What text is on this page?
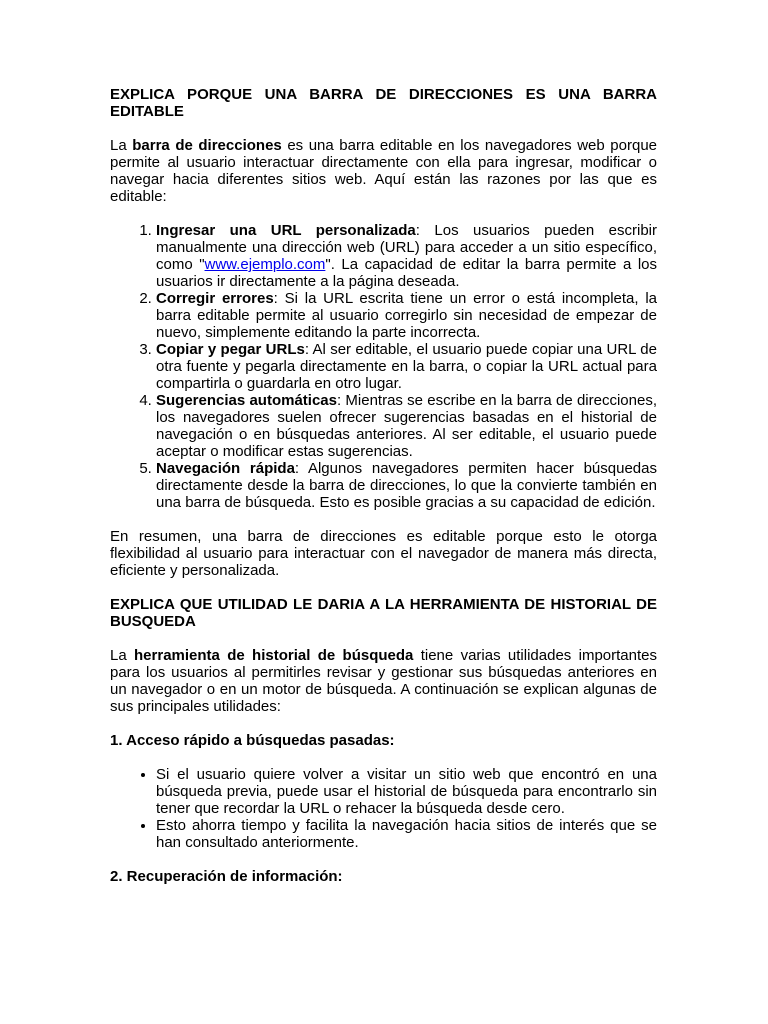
EXPLICA PORQUE UNA BARRA DE DIRECCIONES ES UNA BARRA EDITABLE

La barra de direcciones es una barra editable en los navegadores web porque permite al usuario interactuar directamente con ella para ingresar, modificar o navegar hacia diferentes sitios web. Aquí están las razones por las que es editable:

1. Ingresar una URL personalizada: Los usuarios pueden escribir manualmente una dirección web (URL) para acceder a un sitio específico, como "www.ejemplo.com". La capacidad de editar la barra permite a los usuarios ir directamente a la página deseada.
2. Corregir errores: Si la URL escrita tiene un error o está incompleta, la barra editable permite al usuario corregirlo sin necesidad de empezar de nuevo, simplemente editando la parte incorrecta.
3. Copiar y pegar URLs: Al ser editable, el usuario puede copiar una URL de otra fuente y pegarla directamente en la barra, o copiar la URL actual para compartirla o guardarla en otro lugar.
4. Sugerencias automáticas: Mientras se escribe en la barra de direcciones, los navegadores suelen ofrecer sugerencias basadas en el historial de navegación o en búsquedas anteriores. Al ser editable, el usuario puede aceptar o modificar estas sugerencias.
5. Navegación rápida: Algunos navegadores permiten hacer búsquedas directamente desde la barra de direcciones, lo que la convierte también en una barra de búsqueda. Esto es posible gracias a su capacidad de edición.

En resumen, una barra de direcciones es editable porque esto le otorga flexibilidad al usuario para interactuar con el navegador de manera más directa, eficiente y personalizada.

EXPLICA QUE UTILIDAD LE DARIA A LA HERRAMIENTA DE HISTORIAL DE BUSQUEDA

La herramienta de historial de búsqueda tiene varias utilidades importantes para los usuarios al permitirles revisar y gestionar sus búsquedas anteriores en un navegador o en un motor de búsqueda. A continuación se explican algunas de sus principales utilidades:

1. Acceso rápido a búsquedas pasadas:

• Si el usuario quiere volver a visitar un sitio web que encontró en una búsqueda previa, puede usar el historial de búsqueda para encontrarlo sin tener que recordar la URL o rehacer la búsqueda desde cero.
• Esto ahorra tiempo y facilita la navegación hacia sitios de interés que se han consultado anteriormente.

2. Recuperación de información:
